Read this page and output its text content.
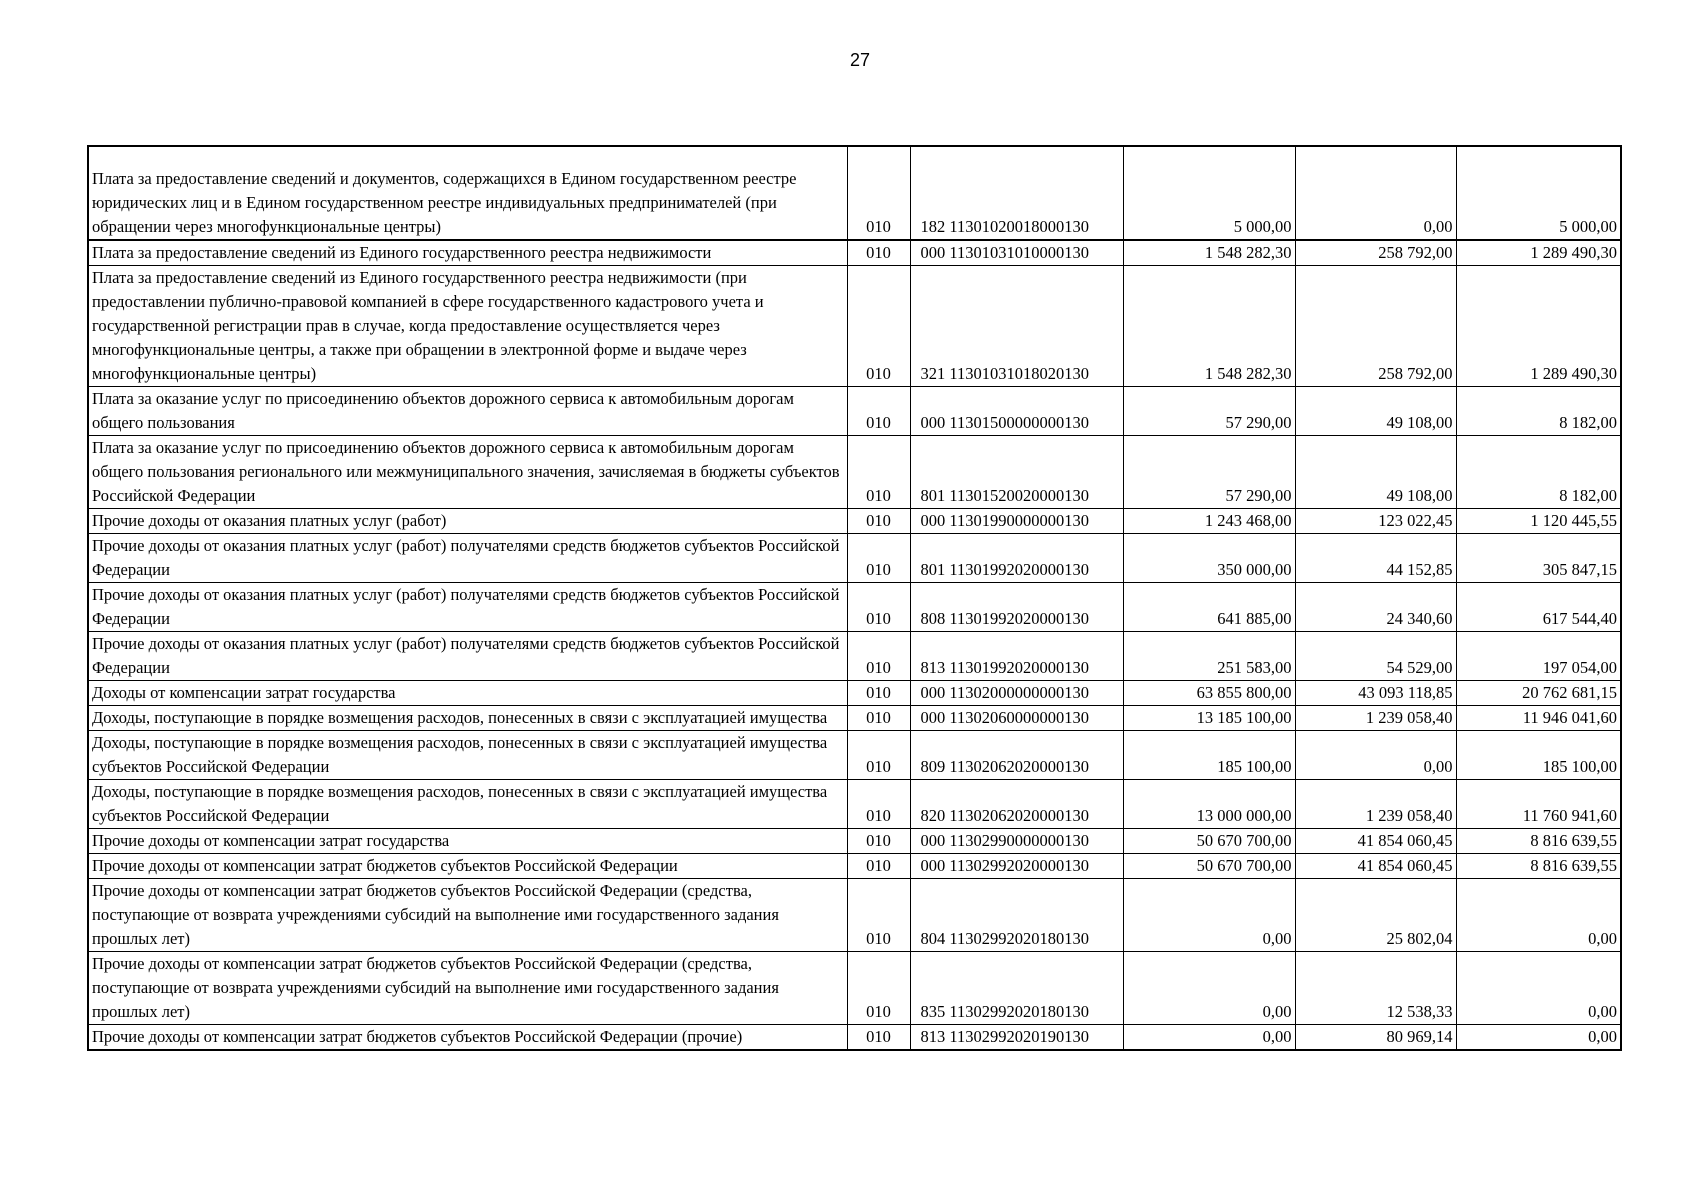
27
Плата за предоставление сведений и документов, содержащихся в Едином государственном реестре юридических лиц и в Едином государственном реестре индивидуальных предпринимателей (при обращении через многофункциональные центры)	010	182 11301020018000130	5 000,00	0,00	5 000,00
Плата за предоставление сведений из Единого государственного реестра недвижимости	010	000 11301031010000130	1 548 282,30	258 792,00	1 289 490,30
Плата за предоставление сведений из Единого государственного реестра недвижимости (при предоставлении публично-правовой компанией в сфере государственного кадастрового учета и государственной регистрации прав в случае, когда предоставление осуществляется через многофункциональные центры, а также при обращении в электронной форме и выдаче через многофункциональные центры)	010	321 11301031018020130	1 548 282,30	258 792,00	1 289 490,30
Плата за оказание услуг по присоединению объектов дорожного сервиса к автомобильным дорогам общего пользования	010	000 11301500000000130	57 290,00	49 108,00	8 182,00
Плата за оказание услуг по присоединению объектов дорожного сервиса к автомобильным дорогам общего пользования регионального или межмуниципального значения, зачисляемая в бюджеты субъектов Российской Федерации	010	801 11301520020000130	57 290,00	49 108,00	8 182,00
Прочие доходы от оказания платных услуг (работ)	010	000 11301990000000130	1 243 468,00	123 022,45	1 120 445,55
Прочие доходы от оказания платных услуг (работ) получателями средств бюджетов субъектов Российской Федерации	010	801 11301992020000130	350 000,00	44 152,85	305 847,15
Прочие доходы от оказания платных услуг (работ) получателями средств бюджетов субъектов Российской Федерации	010	808 11301992020000130	641 885,00	24 340,60	617 544,40
Прочие доходы от оказания платных услуг (работ) получателями средств бюджетов субъектов Российской Федерации	010	813 11301992020000130	251 583,00	54 529,00	197 054,00
Доходы от компенсации затрат государства	010	000 11302000000000130	63 855 800,00	43 093 118,85	20 762 681,15
Доходы, поступающие в порядке возмещения расходов, понесенных в связи с эксплуатацией имущества	010	000 11302060000000130	13 185 100,00	1 239 058,40	11 946 041,60
Доходы, поступающие в порядке возмещения расходов, понесенных в связи с эксплуатацией имущества субъектов Российской Федерации	010	809 11302062020000130	185 100,00	0,00	185 100,00
Доходы, поступающие в порядке возмещения расходов, понесенных в связи с эксплуатацией имущества субъектов Российской Федерации	010	820 11302062020000130	13 000 000,00	1 239 058,40	11 760 941,60
Прочие доходы от компенсации затрат государства	010	000 11302990000000130	50 670 700,00	41 854 060,45	8 816 639,55
Прочие доходы от компенсации затрат бюджетов субъектов Российской Федерации	010	000 11302992020000130	50 670 700,00	41 854 060,45	8 816 639,55
Прочие доходы от компенсации затрат бюджетов субъектов Российской Федерации (средства, поступающие от возврата учреждениями субсидий на выполнение ими государственного задания прошлых лет)	010	804 11302992020180130	0,00	25 802,04	0,00
Прочие доходы от компенсации затрат бюджетов субъектов Российской Федерации (средства, поступающие от возврата учреждениями субсидий на выполнение ими государственного задания прошлых лет)	010	835 11302992020180130	0,00	12 538,33	0,00
Прочие доходы от компенсации затрат бюджетов субъектов Российской Федерации (прочие)	010	813 11302992020190130	0,00	80 969,14	0,00
